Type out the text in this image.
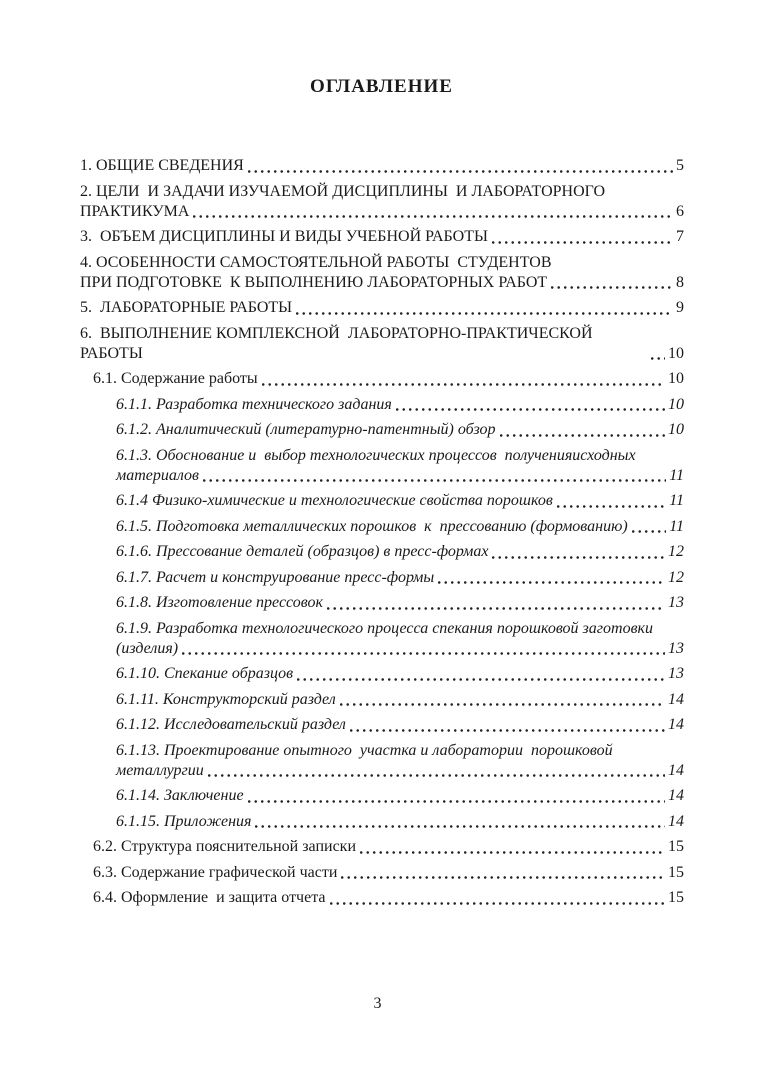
ОГЛАВЛЕНИЕ
1. ОБЩИЕ СВЕДЕНИЯ	5
2. ЦЕЛИ  И ЗАДАЧИ ИЗУЧАЕМОЙ ДИСЦИПЛИНЫ  И ЛАБОРАТОРНОГО
ПРАКТИКУМА	6
3.  ОБЪЕМ ДИСЦИПЛИНЫ И ВИДЫ УЧЕБНОЙ РАБОТЫ	7
4. ОСОБЕННОСТИ САМОСТОЯТЕЛЬНОЙ РАБОТЫ  СТУДЕНТОВ
ПРИ ПОДГОТОВКЕ  К ВЫПОЛНЕНИЮ ЛАБОРАТОРНЫХ РАБОТ	8
5.  ЛАБОРАТОРНЫЕ РАБОТЫ	9
6.  ВЫПОЛНЕНИЕ КОМПЛЕКСНОЙ  ЛАБОРАТОРНО-ПРАКТИЧЕСКОЙ РАБОТЫ	10
6.1. Содержание работы	10
6.1.1. Разработка технического задания	10
6.1.2. Аналитический (литературно-патентный) обзор	10
6.1.3. Обоснование и  выбор технологических процессов  полученияисходных
материалов	11
6.1.4 Физико-химические и технологические свойства порошков	11
6.1.5. Подготовка металлических порошков  к  прессованию (формованию)	11
6.1.6. Прессование деталей (образцов) в пресс-формах	12
6.1.7. Расчет и конструирование пресс-формы	12
6.1.8. Изготовление прессовок	13
6.1.9. Разработка технологического процесса спекания порошковой заготовки
(изделия)	13
6.1.10. Спекание образцов	13
6.1.11. Конструкторский раздел	14
6.1.12. Исследовательский раздел	14
6.1.13. Проектирование опытного  участка и лаборатории  порошковой
металлургии	14
6.1.14. Заключение	14
6.1.15. Приложения	14
6.2. Структура пояснительной записки	15
6.3. Содержание графической части	15
6.4. Оформление  и защита отчета	15
3
